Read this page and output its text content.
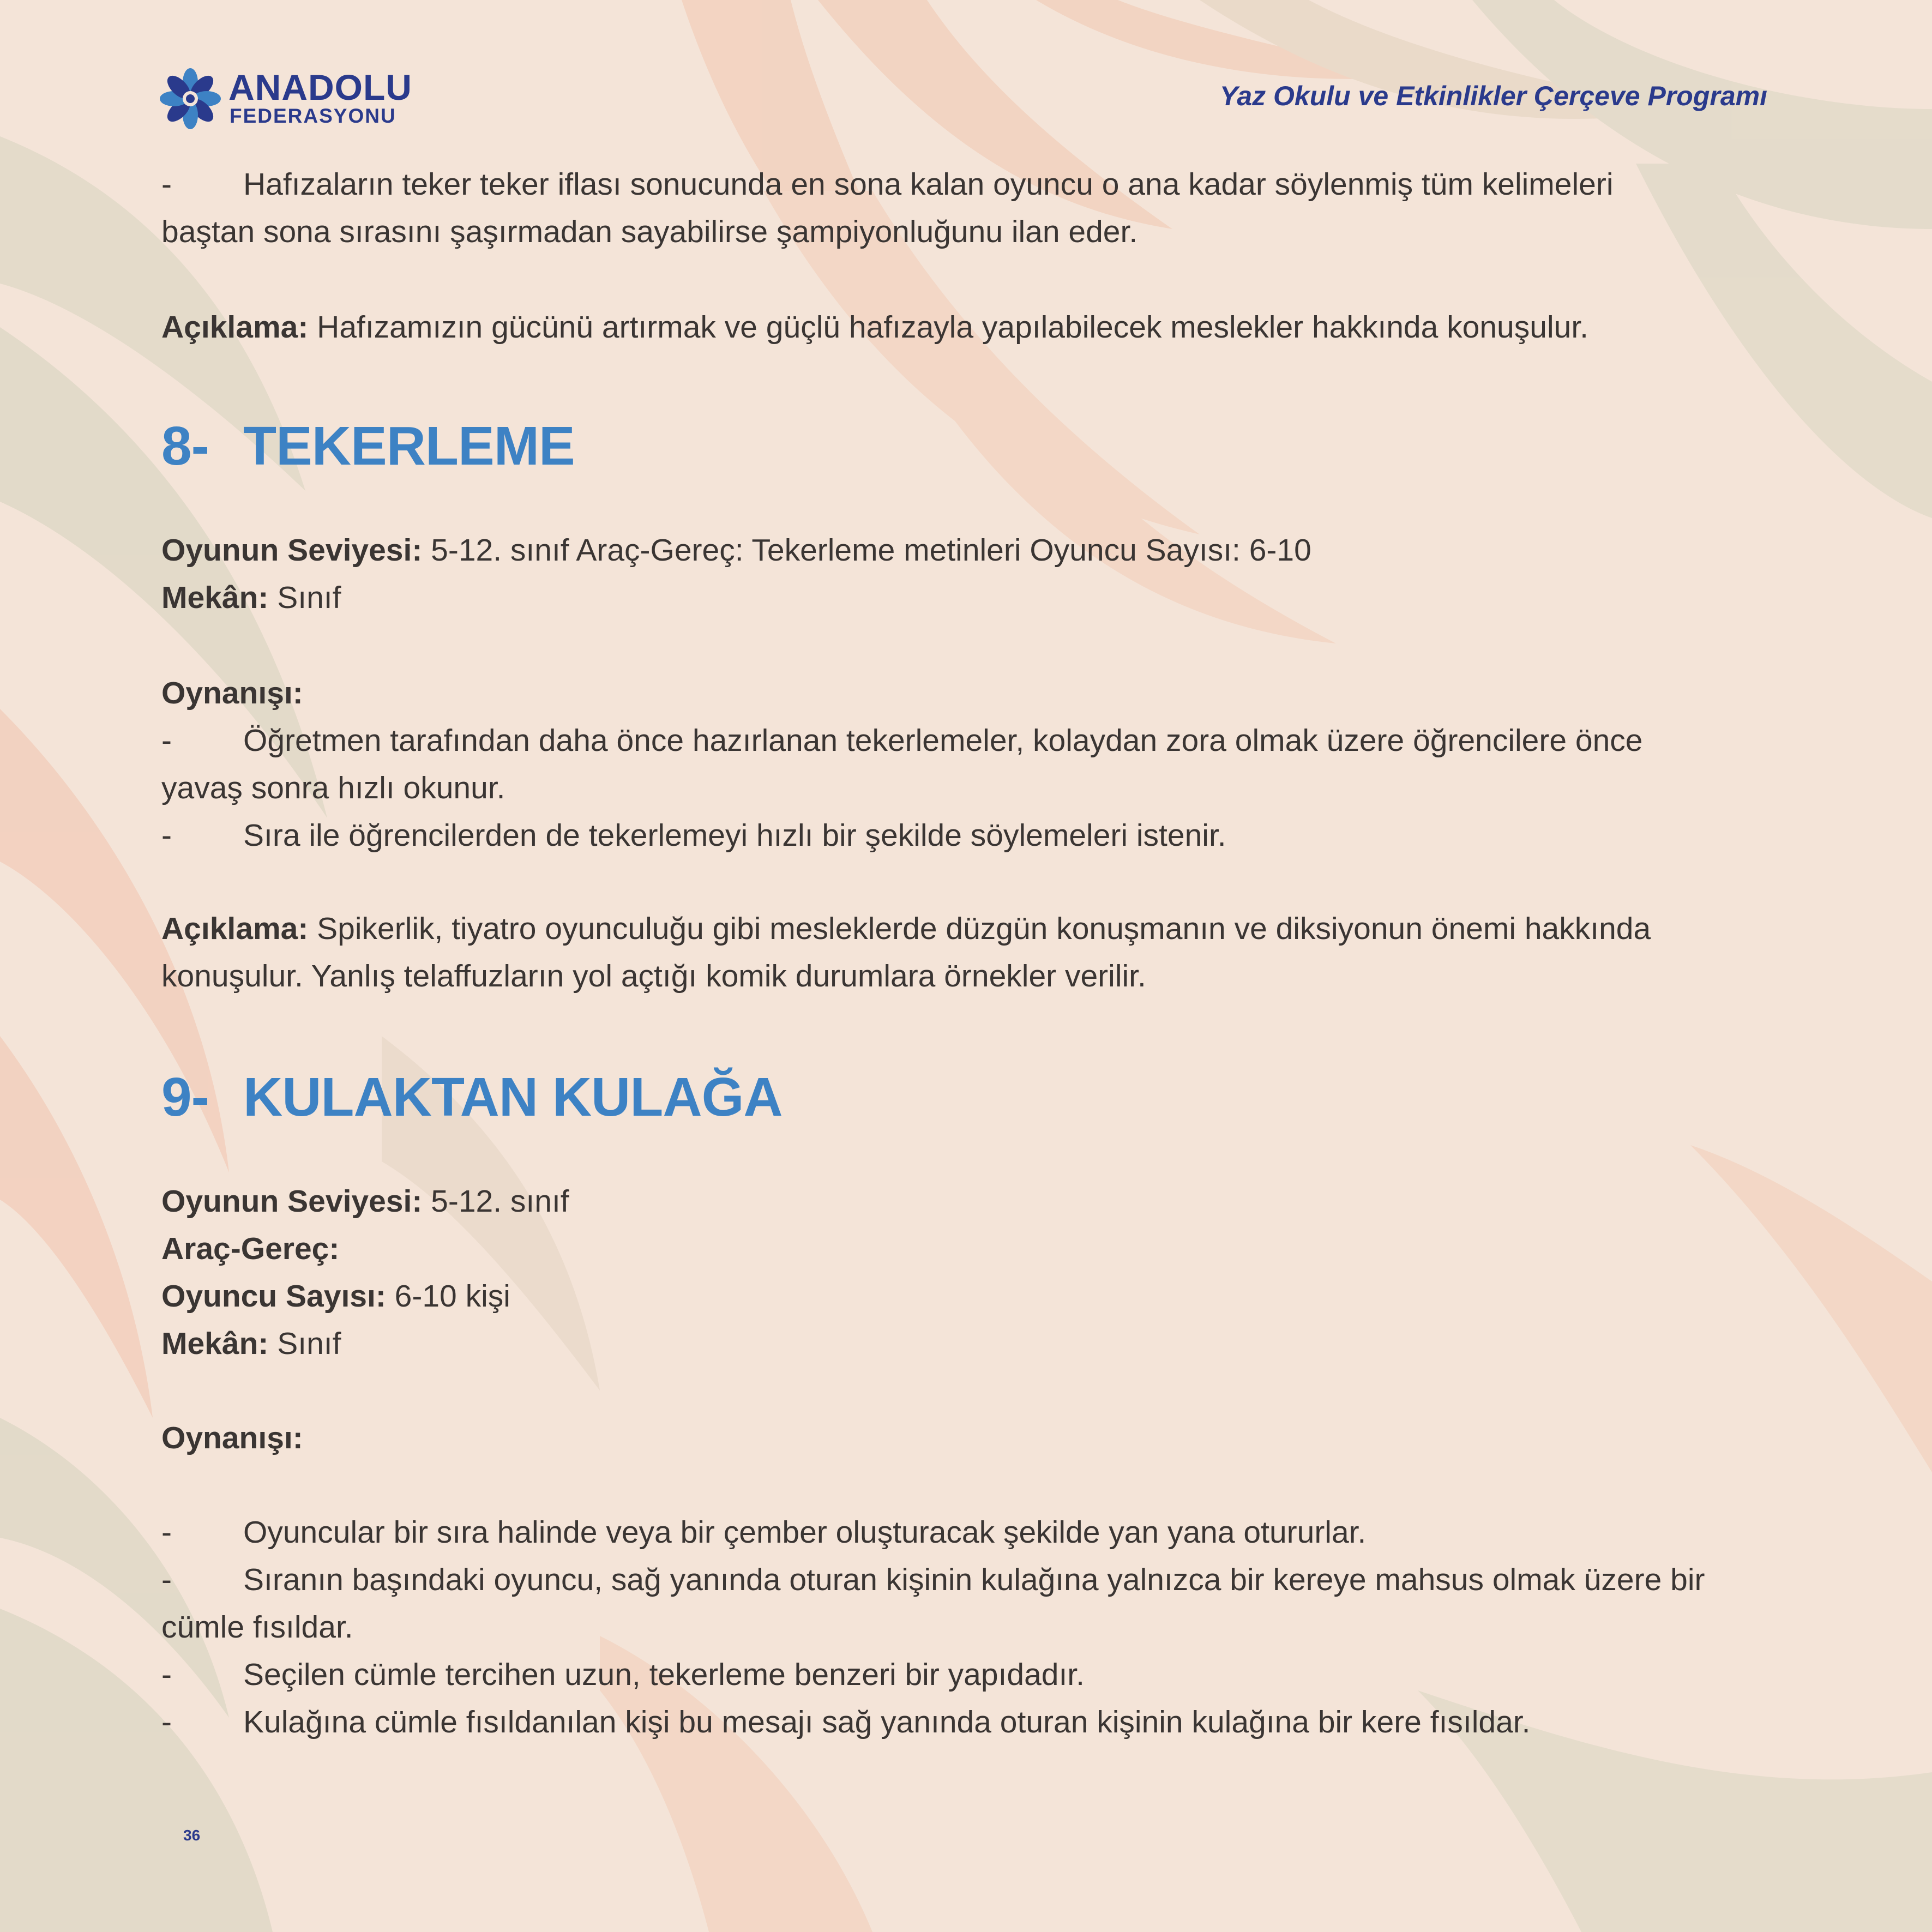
ANADOLU
FEDERASYONU
Yaz Okulu ve Etkinlikler Çerçeve Programı
- Hafızaların teker teker iflası sonucunda en sona kalan oyuncu o ana kadar söylenmiş tüm kelimeleri
baştan sona sırasını şaşırmadan sayabilirse şampiyonluğunu ilan eder.
Açıklama: Hafızamızın gücünü artırmak ve güçlü hafızayla yapılabilecek meslekler hakkında konuşulur.
8- TEKERLEME
Oyunun Seviyesi: 5-12. sınıf Araç-Gereç: Tekerleme metinleri Oyuncu Sayısı: 6-10
Mekân: Sınıf
Oynanışı:
- Öğretmen tarafından daha önce hazırlanan tekerlemeler, kolaydan zora olmak üzere öğrencilere önce
yavaş sonra hızlı okunur.
- Sıra ile öğrencilerden de tekerlemeyi hızlı bir şekilde söylemeleri istenir.
Açıklama: Spikerlik, tiyatro oyunculuğu gibi mesleklerde düzgün konuşmanın ve diksiyonun önemi hakkında
konuşulur. Yanlış telaffuzların yol açtığı komik durumlara örnekler verilir.
9- KULAKTAN KULAĞA
Oyunun Seviyesi: 5-12. sınıf
Araç-Gereç:
Oyuncu Sayısı: 6-10 kişi
Mekân: Sınıf
Oynanışı:
- Oyuncular bir sıra halinde veya bir çember oluşturacak şekilde yan yana otururlar.
- Sıranın başındaki oyuncu, sağ yanında oturan kişinin kulağına yalnızca bir kereye mahsus olmak üzere bir
cümle fısıldar.
- Seçilen cümle tercihen uzun, tekerleme benzeri bir yapıdadır.
- Kulağına cümle fısıldanılan kişi bu mesajı sağ yanında oturan kişinin kulağına bir kere fısıldar.
36
